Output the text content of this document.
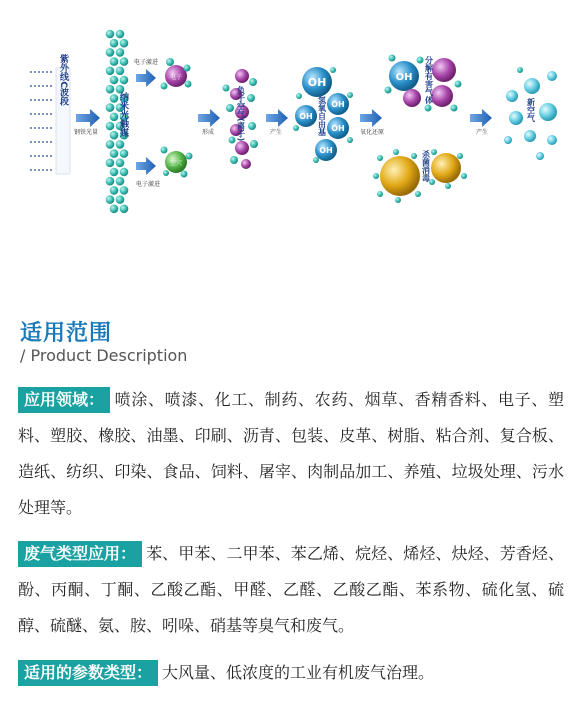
紫外线C波段
钢铁光量 纳米光触媒
电子激进
电子激进
电子
空穴
形成	负子空气(离子)	产生
OH
OH
OH
OH
OH
氢氧自由基	氧化还原
OH 分解有害气体
杀菌消毒
产生
新空气
适用范围
/ Product Description
应用领域： 喷涂、喷漆、化工、制药、农药、烟草、香精香料、电子、塑料、塑胶、橡胶、油墨、印刷、沥青、包装、皮革、树脂、粘合剂、复合板、造纸、纺织、印染、食品、饲料、屠宰、肉制品加工、养殖、垃圾处理、污水处理等。
废气类型应用： 苯、甲苯、二甲苯、苯乙烯、烷烃、烯烃、炔烃、芳香烃、酚、丙酮、丁酮、乙酸乙酯、甲醛、乙醛、乙酸乙酯、苯系物、硫化氢、硫醇、硫醚、氨、胺、吲哚、硝基等臭气和废气。
适用的参数类型： 大风量、低浓度的工业有机废气治理。
